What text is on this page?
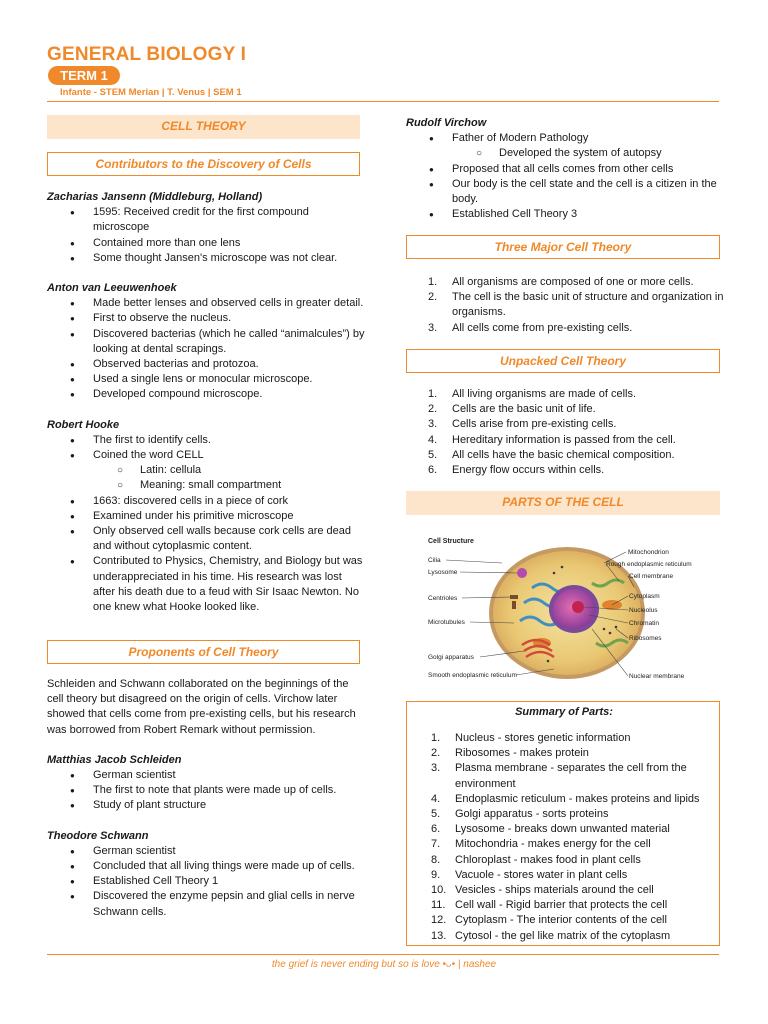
GENERAL BIOLOGY I
TERM 1
Infante - STEM Merian | T. Venus | SEM 1
CELL THEORY
Contributors to the Discovery of Cells

Zacharias Jansenn (Middleburg, Holland)

● 1595: Received credit for the first compound microscope
● Contained more than one lens
● Some thought Jansen's microscope was not clear.

Anton van Leeuwenhoek

● Made better lenses and observed cells in greater detail.
● First to observe the nucleus.
● Discovered bacterias (which he called “animalcules”) by looking at dental scrapings.
● Observed bacterias and protozoa.
● Used a single lens or monocular microscope.
● Developed compound microscope.

Robert Hooke

● The first to identify cells.
● Coined the word CELL
○ Latin: cellula
○ Meaning: small compartment
● 1663: discovered cells in a piece of cork
● Examined under his primitive microscope
● Only observed cell walls because cork cells are dead and without cytoplasmic content.
● Contributed to Physics, Chemistry, and Biology but was underappreciated in his time. His research was lost after his death due to a feud with Sir Isaac Newton. No one knew what Hooke looked like.
Proponents of Cell Theory

Schleiden and Schwann collaborated on the beginnings of the cell theory but disagreed on the origin of cells. Virchow later showed that cells come from pre-existing cells, but his research was borrowed from Robert Remark without permission.

Matthias Jacob Schleiden

● German scientist
● The first to note that plants were made up of cells.
● Study of plant structure

Theodore Schwann

● German scientist
● Concluded that all living things were made up of cells.
● Established Cell Theory 1
● Discovered the enzyme pepsin and glial cells in nerve Schwann cells.

Rudolf Virchow

● Father of Modern Pathology
○ Developed the system of autopsy
● Proposed that all cells comes from other cells
● Our body is the cell state and the cell is a citizen in the body.
● Established Cell Theory 3
Three Major Cell Theory
1. All organisms are composed of one or more cells.
2. The cell is the basic unit of structure and organization in organisms.
3. All cells come from pre-existing cells.
Unpacked Cell Theory
1. All living organisms are made of cells.
2. Cells are the basic unit of life.
3. Cells arise from pre-existing cells.
4. Hereditary information is passed from the cell.
5. All cells have the basic chemical composition.
6. Energy flow occurs within cells.
PARTS OF THE CELL
Cell Structure
Cilia
Lysosome
Centrioles
Microtubules
Golgi apparatus
Smooth endoplasmic reticulum
Mitochondrion
Rough endoplasmic reticulum
Cell membrane
Cytoplasm
Nucleolus
Chromatin
Ribosomes
Nuclear membrane

Summary of Parts:

1. Nucleus - stores genetic information
2. Ribosomes - makes protein
3. Plasma membrane - separates the cell from the environment
4. Endoplasmic reticulum - makes proteins and lipids
5. Golgi apparatus - sorts proteins
6. Lysosome - breaks down unwanted material
7. Mitochondria - makes energy for the cell
8. Chloroplast - makes food in plant cells
9. Vacuole - stores water in plant cells
10. Vesicles - ships materials around the cell
11. Cell wall - Rigid barrier that protects the cell
12. Cytoplasm - The interior contents of the cell
13. Cytosol - the gel like matrix of the cytoplasm
the grief is never ending but so is love •ᴗ• | nashee
